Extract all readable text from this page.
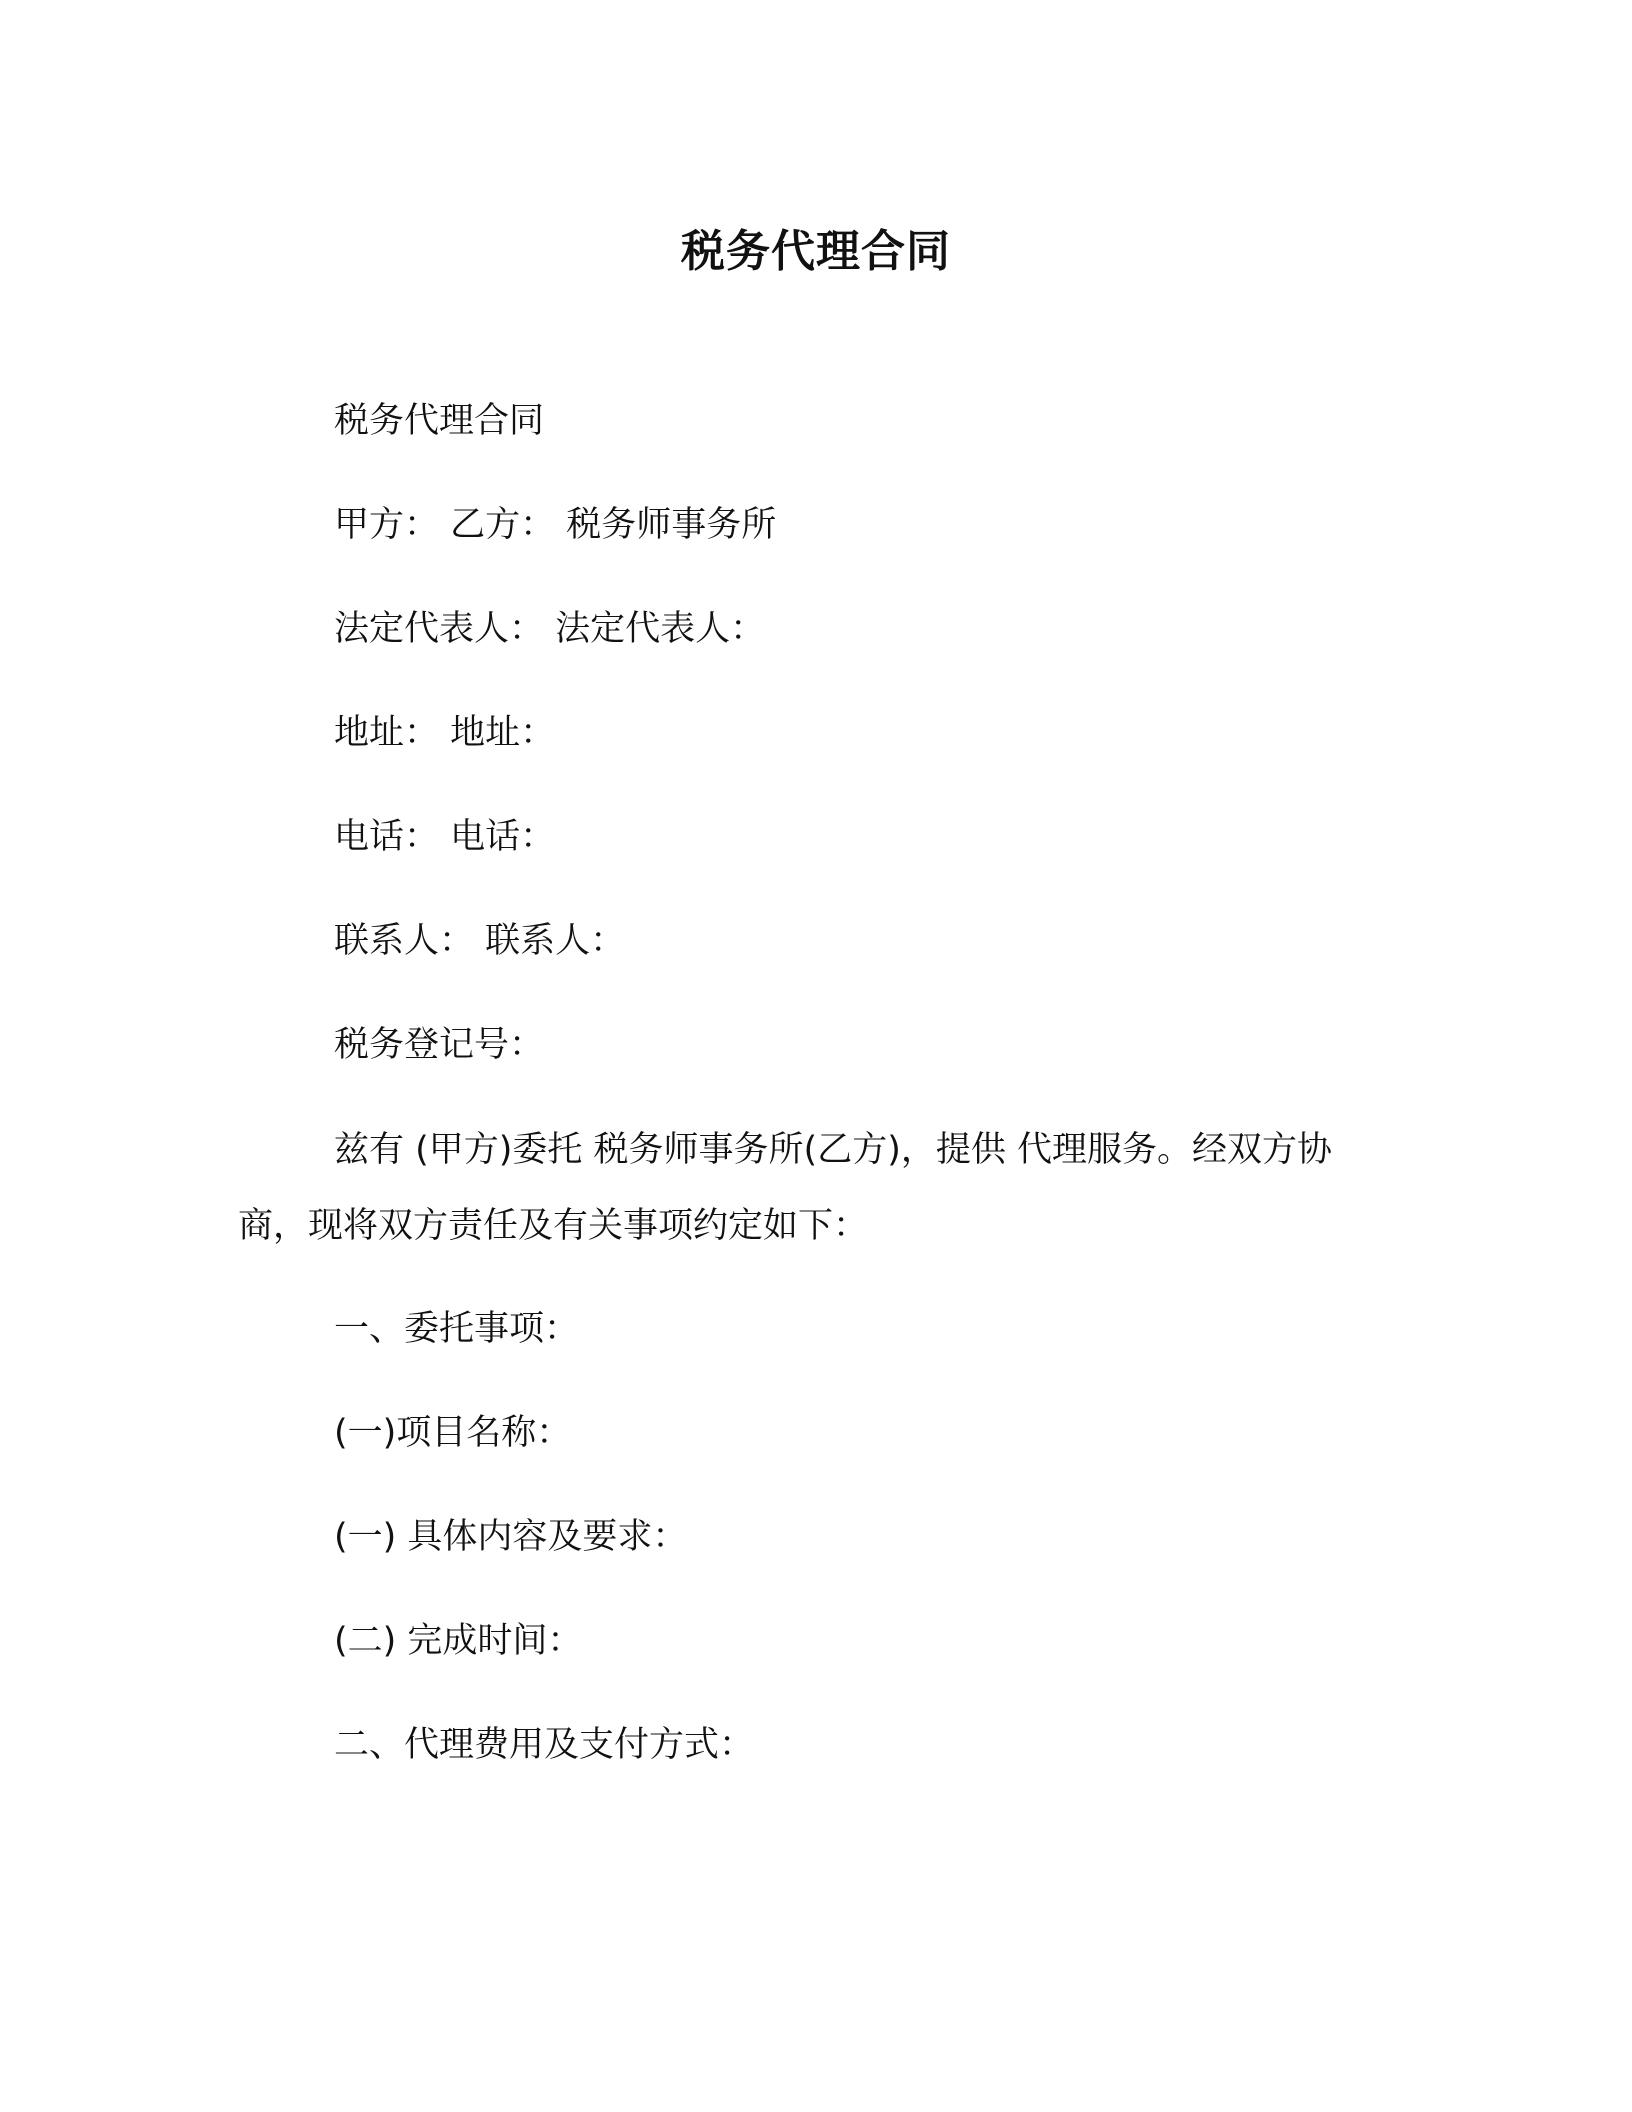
税务代理合同
税务代理合同
甲方： 乙方： 税务师事务所
法定代表人： 法定代表人：
地址： 地址：
电话： 电话：
联系人： 联系人：
税务登记号：
兹有 (甲方)委托 税务师事务所(乙方)，提供 代理服务。经双方协商，现将双方责任及有关事项约定如下：
一、委托事项：
(一)项目名称：
(一) 具体内容及要求：
(二) 完成时间：
二、代理费用及支付方式：
